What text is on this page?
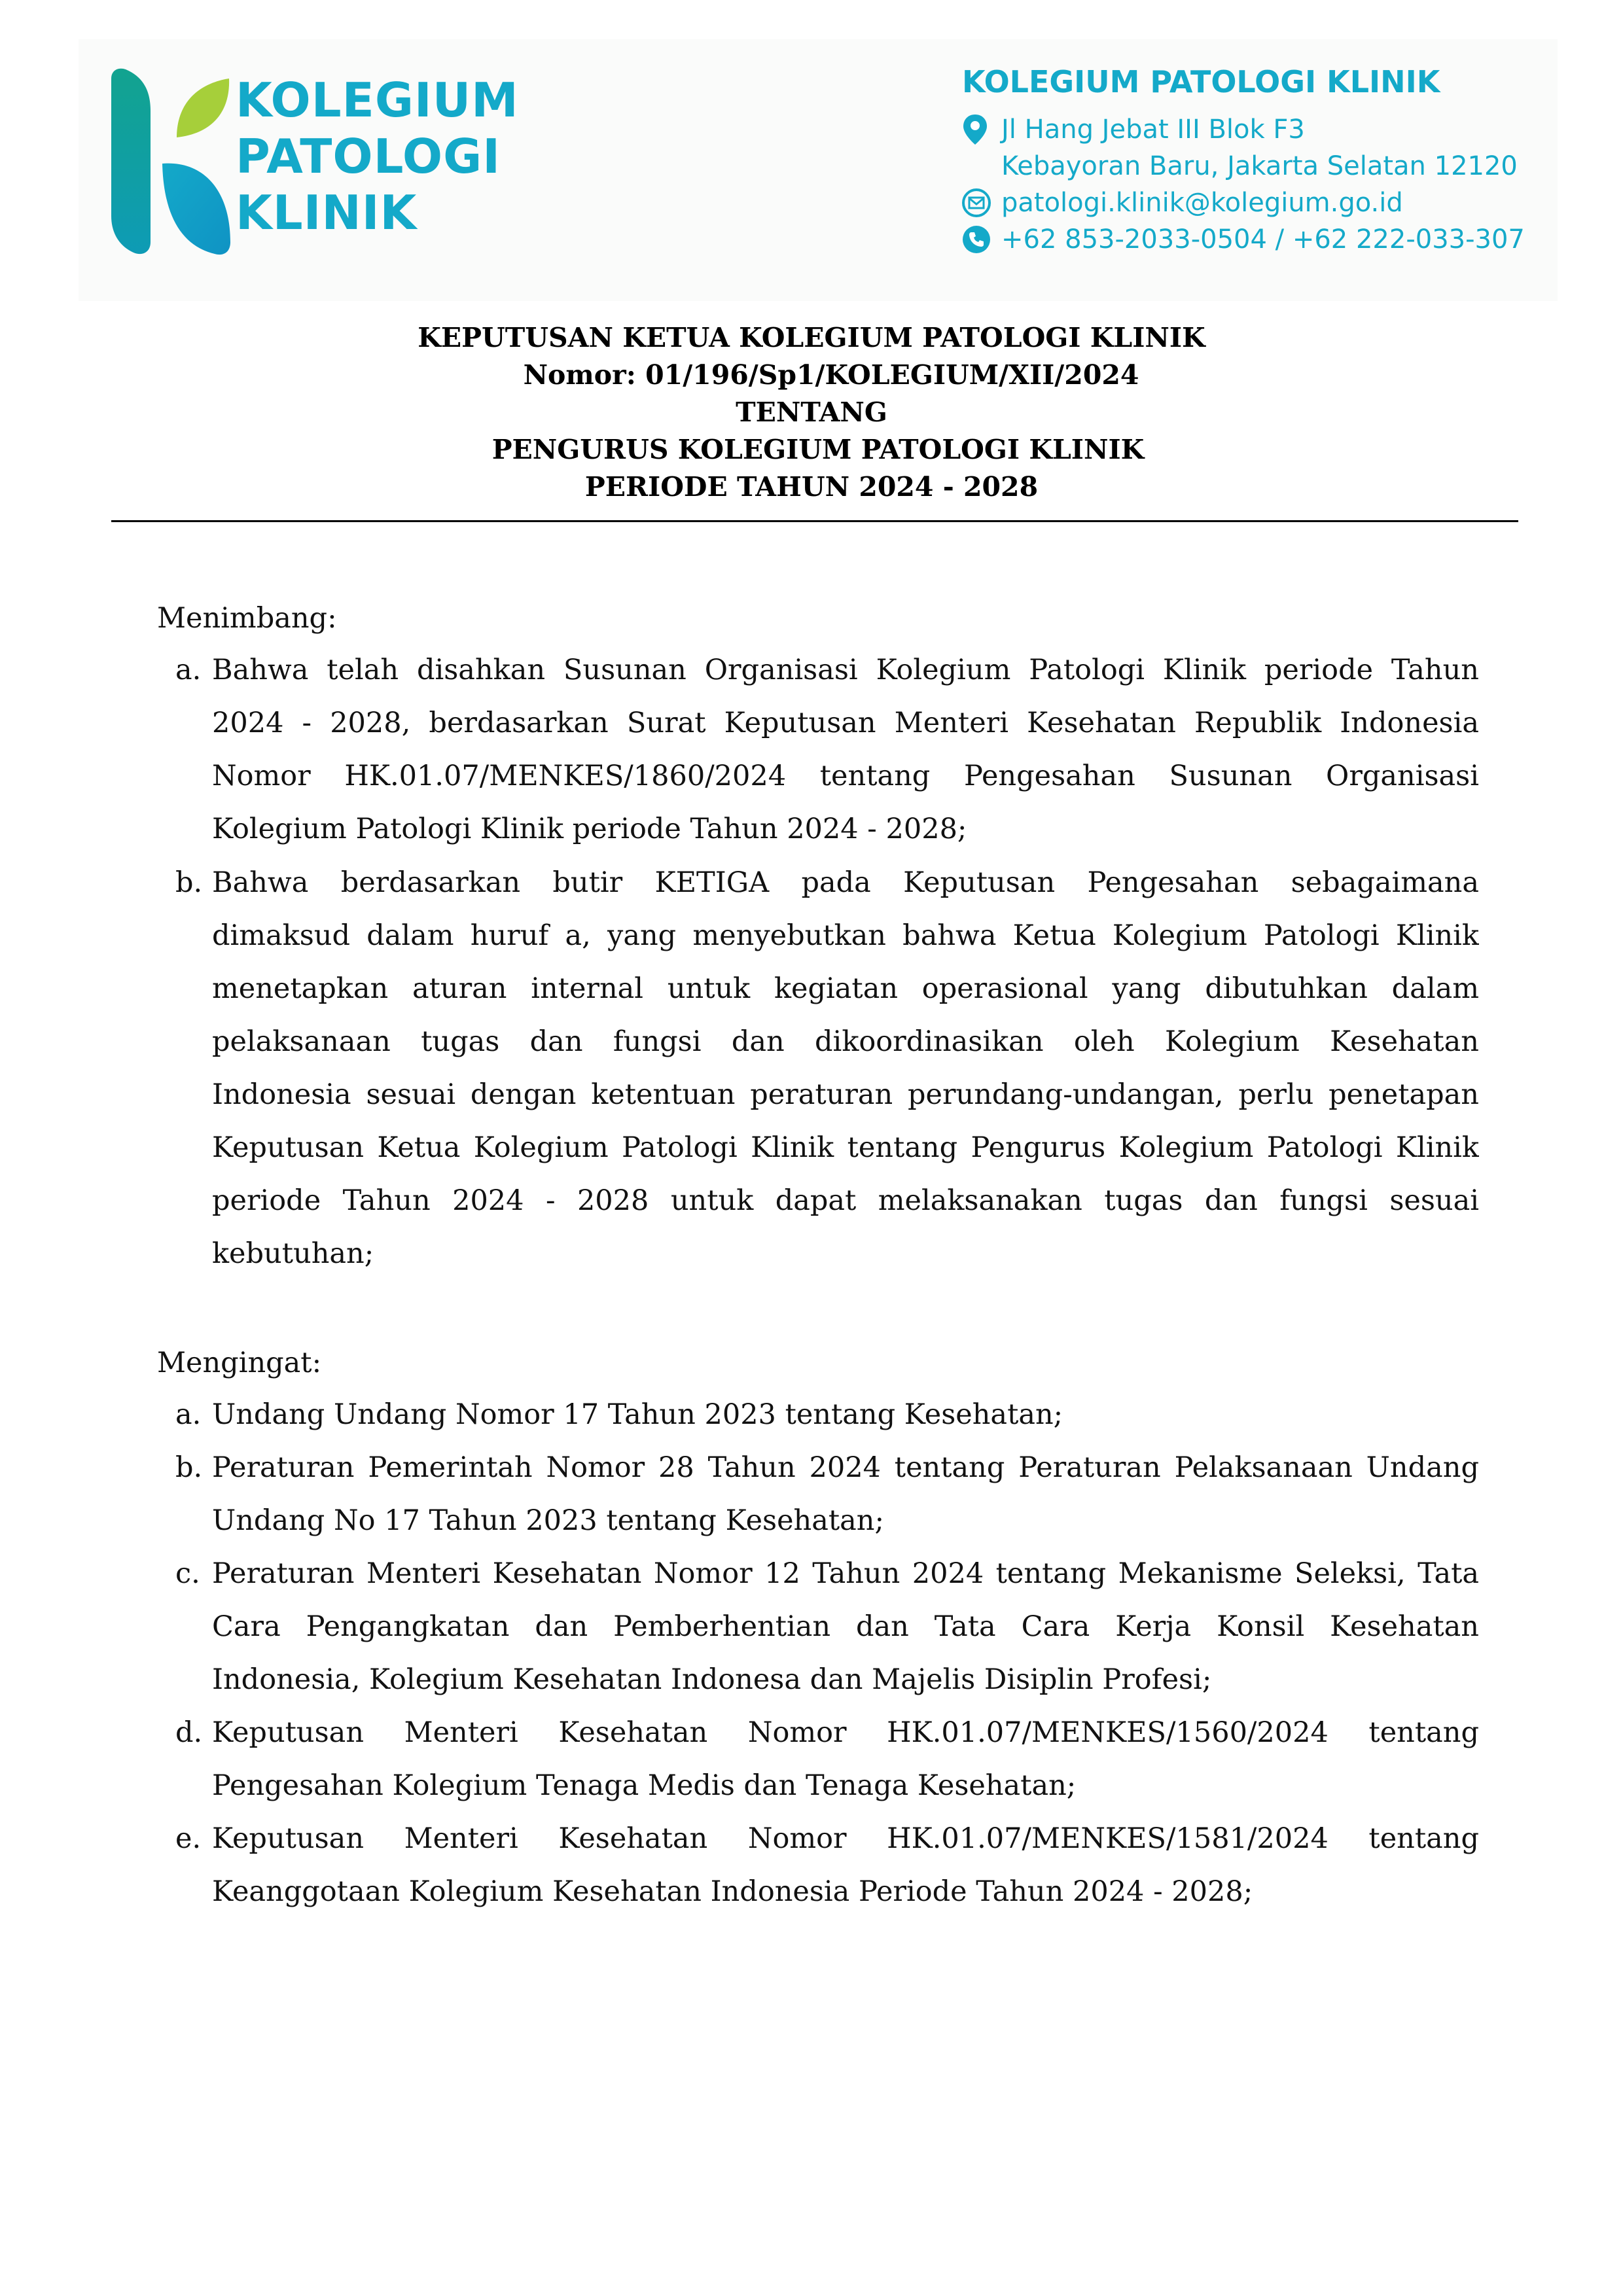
KOLEGIUM
PATOLOGI
KLINIK
KOLEGIUM PATOLOGI KLINIK
Jl Hang Jebat III Blok F3
Kebayoran Baru, Jakarta Selatan 12120
patologi.klinik@kolegium.go.id
+62 853-2033-0504 / +62 222-033-307
KEPUTUSAN KETUA KOLEGIUM PATOLOGI KLINIK
Nomor: 01/196/Sp1/KOLEGIUM/XII/2024
TENTANG
PENGURUS KOLEGIUM PATOLOGI KLINIK
PERIODE TAHUN 2024 - 2028
Menimbang:
a. Bahwa telah disahkan Susunan Organisasi Kolegium Patologi Klinik periode Tahun
2024 - 2028, berdasarkan Surat Keputusan Menteri Kesehatan Republik Indonesia
Nomor HK.01.07/MENKES/1860/2024 tentang Pengesahan Susunan Organisasi
Kolegium Patologi Klinik periode Tahun 2024 - 2028;
b. Bahwa berdasarkan butir KETIGA pada Keputusan Pengesahan sebagaimana
dimaksud dalam huruf a, yang menyebutkan bahwa Ketua Kolegium Patologi Klinik
menetapkan aturan internal untuk kegiatan operasional yang dibutuhkan dalam
pelaksanaan tugas dan fungsi dan dikoordinasikan oleh Kolegium Kesehatan
Indonesia sesuai dengan ketentuan peraturan perundang-undangan, perlu penetapan
Keputusan Ketua Kolegium Patologi Klinik tentang Pengurus Kolegium Patologi Klinik
periode Tahun 2024 - 2028 untuk dapat melaksanakan tugas dan fungsi sesuai
kebutuhan;
Mengingat:
a. Undang Undang Nomor 17 Tahun 2023 tentang Kesehatan;
b. Peraturan Pemerintah Nomor 28 Tahun 2024 tentang Peraturan Pelaksanaan Undang
Undang No 17 Tahun 2023 tentang Kesehatan;
c. Peraturan Menteri Kesehatan Nomor 12 Tahun 2024 tentang Mekanisme Seleksi, Tata
Cara Pengangkatan dan Pemberhentian dan Tata Cara Kerja Konsil Kesehatan
Indonesia, Kolegium Kesehatan Indonesa dan Majelis Disiplin Profesi;
d. Keputusan Menteri Kesehatan Nomor HK.01.07/MENKES/1560/2024 tentang
Pengesahan Kolegium Tenaga Medis dan Tenaga Kesehatan;
e. Keputusan Menteri Kesehatan Nomor HK.01.07/MENKES/1581/2024 tentang
Keanggotaan Kolegium Kesehatan Indonesia Periode Tahun 2024 - 2028;
